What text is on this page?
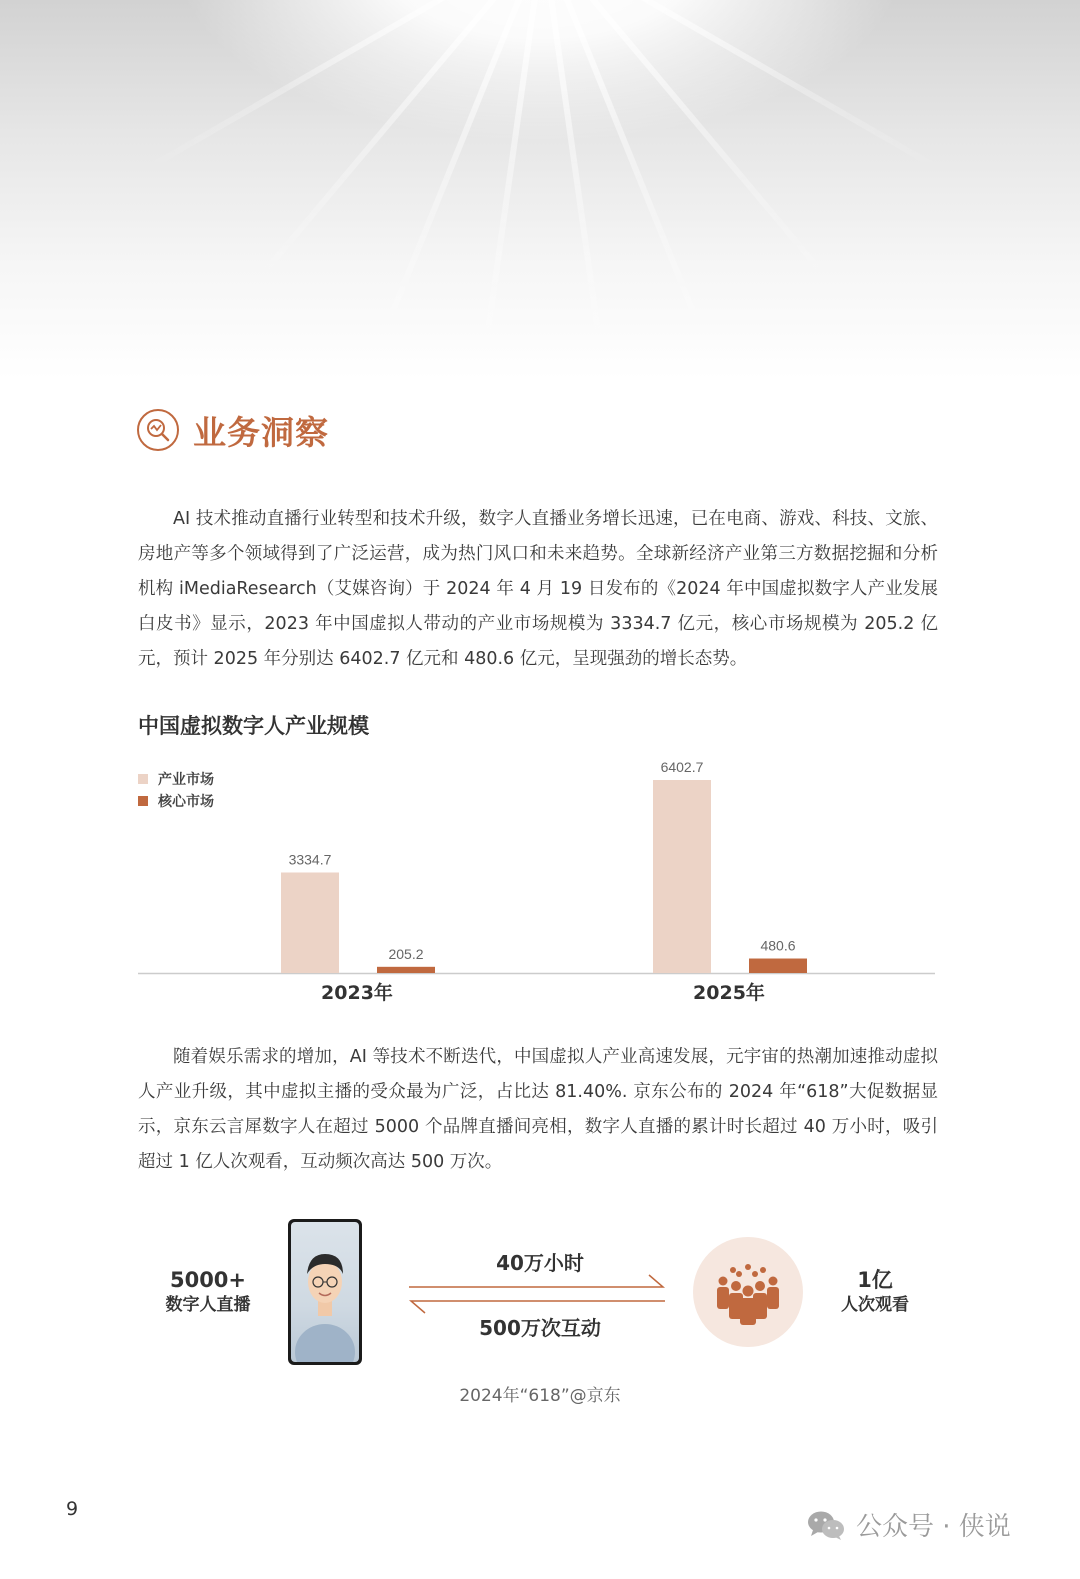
业务洞察

AI 技术推动直播行业转型和技术升级，数字人直播业务增长迅速，已在电商、游戏、科技、文旅、房地产等多个领域得到了广泛运营，成为热门风口和未来趋势。全球新经济产业第三方数据挖掘和分析机构 iMediaResearch（艾媒咨询）于 2024 年 4 月 19 日发布的《2024 年中国虚拟数字人产业发展白皮书》显示，2023 年中国虚拟人带动的产业市场规模为 3334.7 亿元，核心市场规模为 205.2 亿元，预计 2025 年分别达 6402.7 亿元和 480.6 亿元，呈现强劲的增长态势。

中国虚拟数字人产业规模
产业市场
核心市场
3334.7
6402.7
205.2
480.6
2023年	2025年

随着娱乐需求的增加，AI 等技术不断迭代，中国虚拟人产业高速发展，元宇宙的热潮加速推动虚拟人产业升级，其中虚拟主播的受众最为广泛，占比达 81.40%. 京东公布的 2024 年“618”大促数据显示，京东云言犀数字人在超过 5000 个品牌直播间亮相，数字人直播的累计时长超过 40 万小时，吸引超过 1 亿人次观看，互动频次高达 500 万次。

5000+
数字人直播
40万小时
500万次互动
1亿
人次观看
2024年“618”@京东
9
公众号 · 侠说
